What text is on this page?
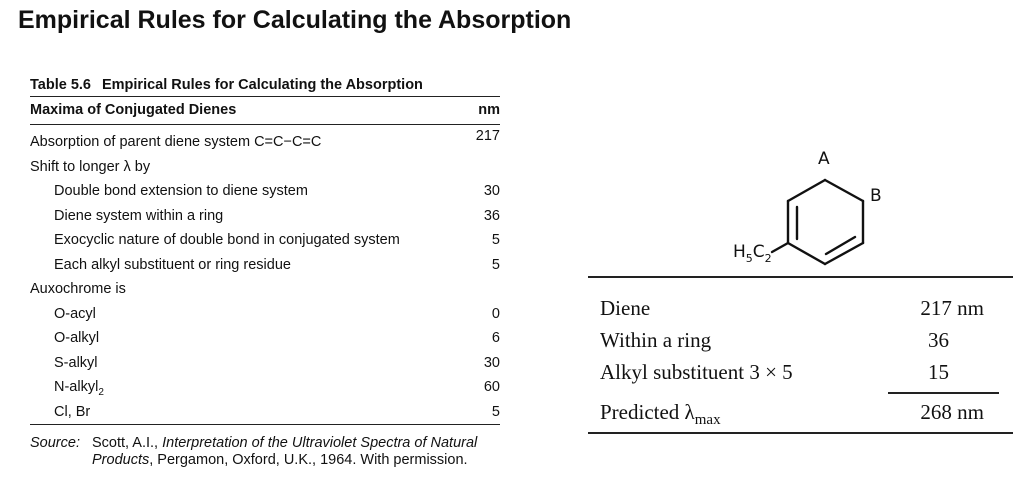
Empirical Rules for Calculating the Absorption
Table 5.6 Empirical Rules for Calculating the Absorption
Maxima of Conjugated Dienes	nm
Absorption of parent diene system C=C−C=C	217
Shift to longer λ by
Double bond extension to diene system	30
Diene system within a ring	36
Exocyclic nature of double bond in conjugated system	5
Each alkyl substituent or ring residue	5
Auxochrome is
O-acyl	0
O-alkyl	6
S-alkyl	30
N-alkyl$_2$	60
Cl, Br	5
Source: Scott, A.I., Interpretation of the Ultraviolet Spectra of Natural Products, Pergamon, Oxford, U.K., 1964. With permission.
A
B
$H_5C_2$
Diene	217 nm
Within a ring	36
Alkyl substituent 3 × 5	15
Predicted $\lambda_{max}$	268 nm
